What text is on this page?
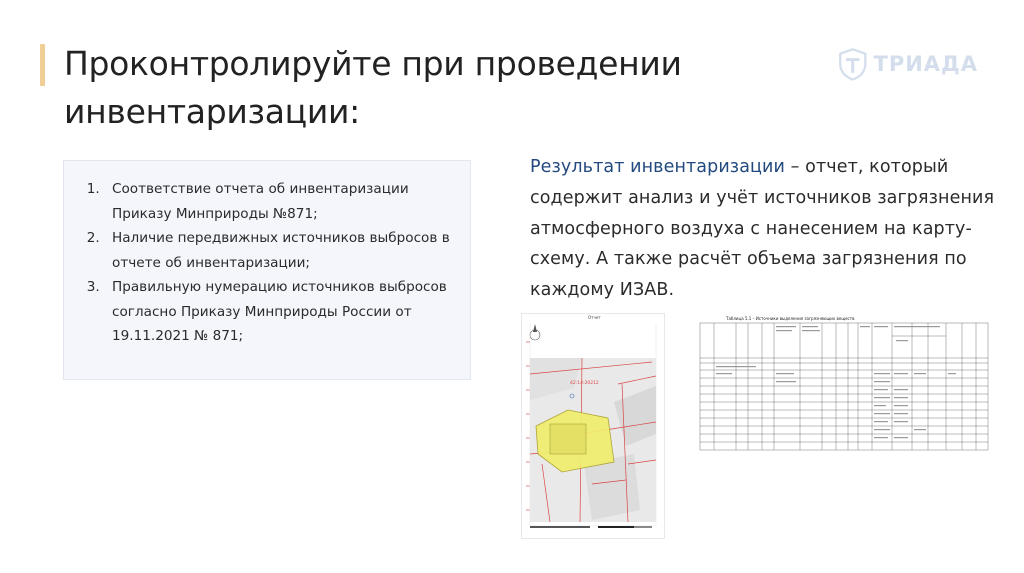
Проконтролируйте при проведении
инвентаризации:
ТРИАДА
1. Соответствие отчета об инвентаризации Приказу Минприроды №871;
2. Наличие передвижных источников выбросов в отчете об инвентаризации;
3. Правильную нумерацию источников выбросов согласно Приказу Минприроды России от 19.11.2021 № 871;
Результат инвентаризации – отчет, который содержит анализ и учёт источников загрязнения атмосферного воздуха с нанесением на карту-схему. А также расчёт объема загрязнения по каждому ИЗАВ.
Отчет
42:14:20212
Таблица 5.1 – Источники выделения загрязняющих веществ
